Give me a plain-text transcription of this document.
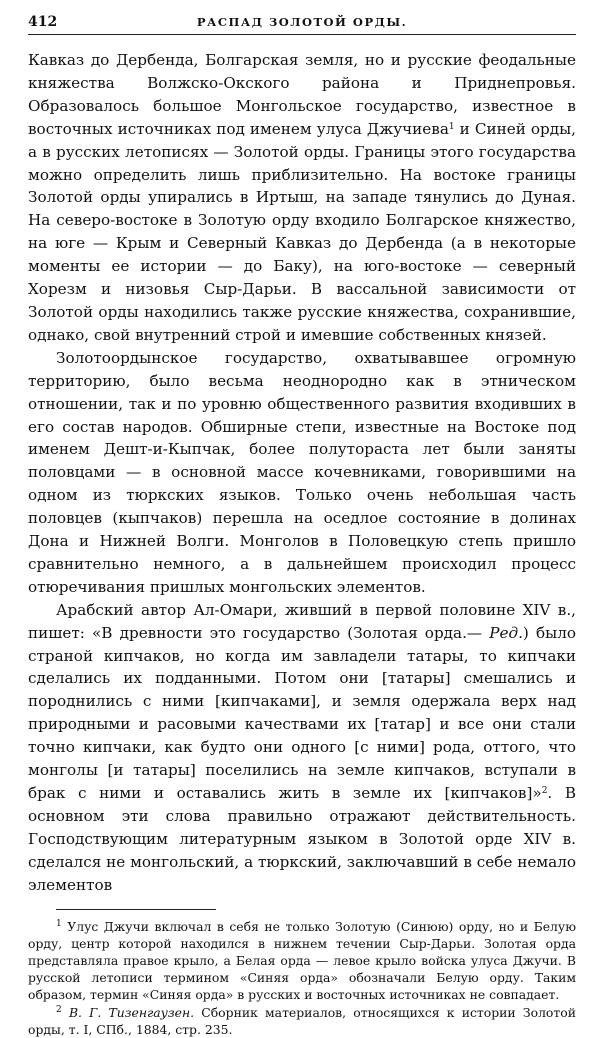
412	РАСПАД ЗОЛОТОЙ ОРДЫ.

Кавказ до Дербенда, Болгарская земля, но и русские феодальные княжества Волжско-Окского района и Приднепровья. Образовалось большое Монгольское государство, известное в восточных источниках под именем улуса Джучиева$^1$ и Синей орды, а в русских летописях — Золотой орды. Границы этого государства можно определить лишь приблизительно. На востоке границы Золотой орды упирались в Иртыш, на западе тянулись до Дуная. На северо-востоке в Золотую орду входило Болгарское княжество, на юге — Крым и Северный Кавказ до Дербенда (а в некоторые моменты ее истории — до Баку), на юго-востоке — северный Хорезм и низовья Сыр-Дарьи. В вассальной зависимости от Золотой орды находились также русские княжества, сохранившие, однако, свой внутренний строй и имевшие собственных князей.

Золотоордынское государство, охватывавшее огромную территорию, было весьма неоднородно как в этническом отношении, так и по уровню общественного развития входивших в его состав народов. Обширные степи, известные на Востоке под именем Дешт-и-Кыпчак, более полутораста лет были заняты половцами — в основной массе кочевниками, говорившими на одном из тюркских языков. Только очень небольшая часть половцев (кыпчаков) перешла на оседлое состояние в долинах Дона и Нижней Волги. Монголов в Половецкую степь пришло сравнительно немного, а в дальнейшем происходил процесс отюречивания пришлых монгольских элементов.

Арабский автор Ал-Омари, живший в первой половине XIV в., пишет: «В древности это государство (Золотая орда.— Ред.) было страной кипчаков, но когда им завладели татары, то кипчаки сделались их подданными. Потом они [татары] смешались и породнились с ними [кипчаками], и земля одержала верх над природными и расовыми качествами их [татар] и все они стали точно кипчаки, как будто они одного [с ними] рода, оттого, что монголы [и татары] поселились на земле кипчаков, вступали в брак с ними и оставались жить в земле их [кипчаков]»$^2$. В основном эти слова правильно отражают действительность. Господствующим литературным языком в Золотой орде XIV в. сделался не монгольский, а тюркский, заключавший в себе немало элементов

$^1$ Улус Джучи включал в себя не только Золотую (Синюю) орду, но и Белую орду, центр которой находился в нижнем течении Сыр-Дарьи. Золотая орда представляла правое крыло, а Белая орда — левое крыло войска улуса Джучи. В русской летописи термином «Синяя орда» обозначали Белую орду. Таким образом, термин «Синяя орда» в русских и восточных источниках не совпадает.

$^2$ В. Г. Тизенгаузен. Сборник материалов, относящихся к истории Золотой орды, т. I, СПб., 1884, стр. 235.
